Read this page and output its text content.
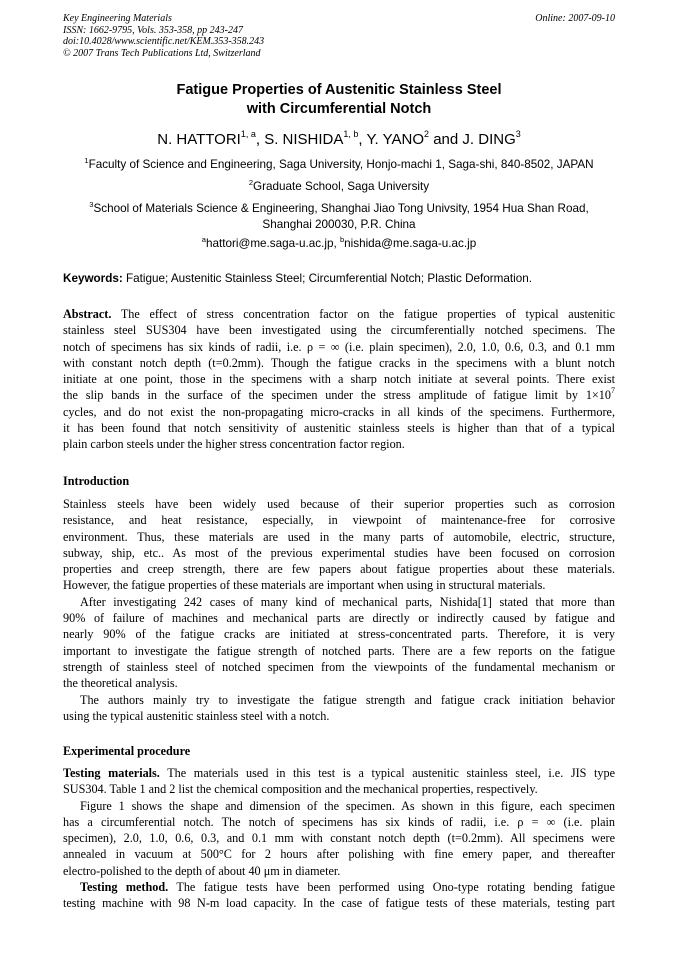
Key Engineering Materials
ISSN: 1662-9795, Vols. 353-358, pp 243-247
doi:10.4028/www.scientific.net/KEM.353-358.243
© 2007 Trans Tech Publications Ltd, Switzerland
Online: 2007-09-10
Fatigue Properties of Austenitic Stainless Steel
with Circumferential Notch
N. HATTORI$^{1, a}$, S. NISHIDA$^{1, b}$, Y. YANO$^2$ and J. DING$^3$
$^1$Faculty of Science and Engineering, Saga University, Honjo-machi 1, Saga-shi, 840-8502, JAPAN
$^2$Graduate School, Saga University
$^3$School of Materials Science & Engineering, Shanghai Jiao Tong Univsity, 1954 Hua Shan Road,
Shanghai 200030, P.R. China
$^a$hattori@me.saga-u.ac.jp, $^b$nishida@me.saga-u.ac.jp
Keywords: Fatigue; Austenitic Stainless Steel; Circumferential Notch; Plastic Deformation.
Abstract. The effect of stress concentration factor on the fatigue properties of typical austenitic
stainless steel SUS304 have been investigated using the circumferentially notched specimens. The
notch of specimens has six kinds of radii, i.e. ρ = ∞ (i.e. plain specimen), 2.0, 1.0, 0.6, 0.3, and 0.1 mm
with constant notch depth (t=0.2mm). Though the fatigue cracks in the specimens with a blunt notch
initiate at one point, those in the specimens with a sharp notch initiate at several points. There exist
the slip bands in the surface of the specimen under the stress amplitude of fatigue limit by $1\times 10^7$
cycles, and do not exist the non-propagating micro-cracks in all kinds of the specimens. Furthermore,
it has been found that notch sensitivity of austenitic stainless steels is higher than that of a typical
plain carbon steels under the higher stress concentration factor region.
Introduction
Stainless steels have been widely used because of their superior properties such as corrosion
resistance, and heat resistance, especially, in viewpoint of maintenance-free for corrosive
environment. Thus, these materials are used in the many parts of automobile, electric, structure,
subway, ship, etc.. As most of the previous experimental studies have been focused on corrosion
properties and creep strength, there are few papers about fatigue properties about these materials.
However, the fatigue properties of these materials are important when using in structural materials.
After investigating 242 cases of many kind of mechanical parts, Nishida[1] stated that more than
90% of failure of machines and mechanical parts are directly or indirectly caused by fatigue and
nearly 90% of the fatigue cracks are initiated at stress-concentrated parts. Therefore, it is very
important to investigate the fatigue strength of notched parts. There are a few reports on the fatigue
strength of stainless steel of notched specimen from the viewpoints of the fundamental mechanism or
the theoretical analysis.
The authors mainly try to investigate the fatigue strength and fatigue crack initiation behavior
using the typical austenitic stainless steel with a notch.
Experimental procedure
Testing materials. The materials used in this test is a typical austenitic stainless steel, i.e. JIS type
SUS304. Table 1 and 2 list the chemical composition and the mechanical properties, respectively.
Figure 1 shows the shape and dimension of the specimen. As shown in this figure, each specimen
has a circumferential notch. The notch of specimens has six kinds of radii, i.e. ρ = ∞ (i.e. plain
specimen), 2.0, 1.0, 0.6, 0.3, and 0.1 mm with constant notch depth (t=0.2mm). All specimens were
annealed in vacuum at 500°C for 2 hours after polishing with fine emery paper, and thereafter
electro-polished to the depth of about 40 μm in diameter.
Testing method. The fatigue tests have been performed using Ono-type rotating bending fatigue
testing machine with 98 N-m load capacity. In the case of fatigue tests of these materials, testing part
